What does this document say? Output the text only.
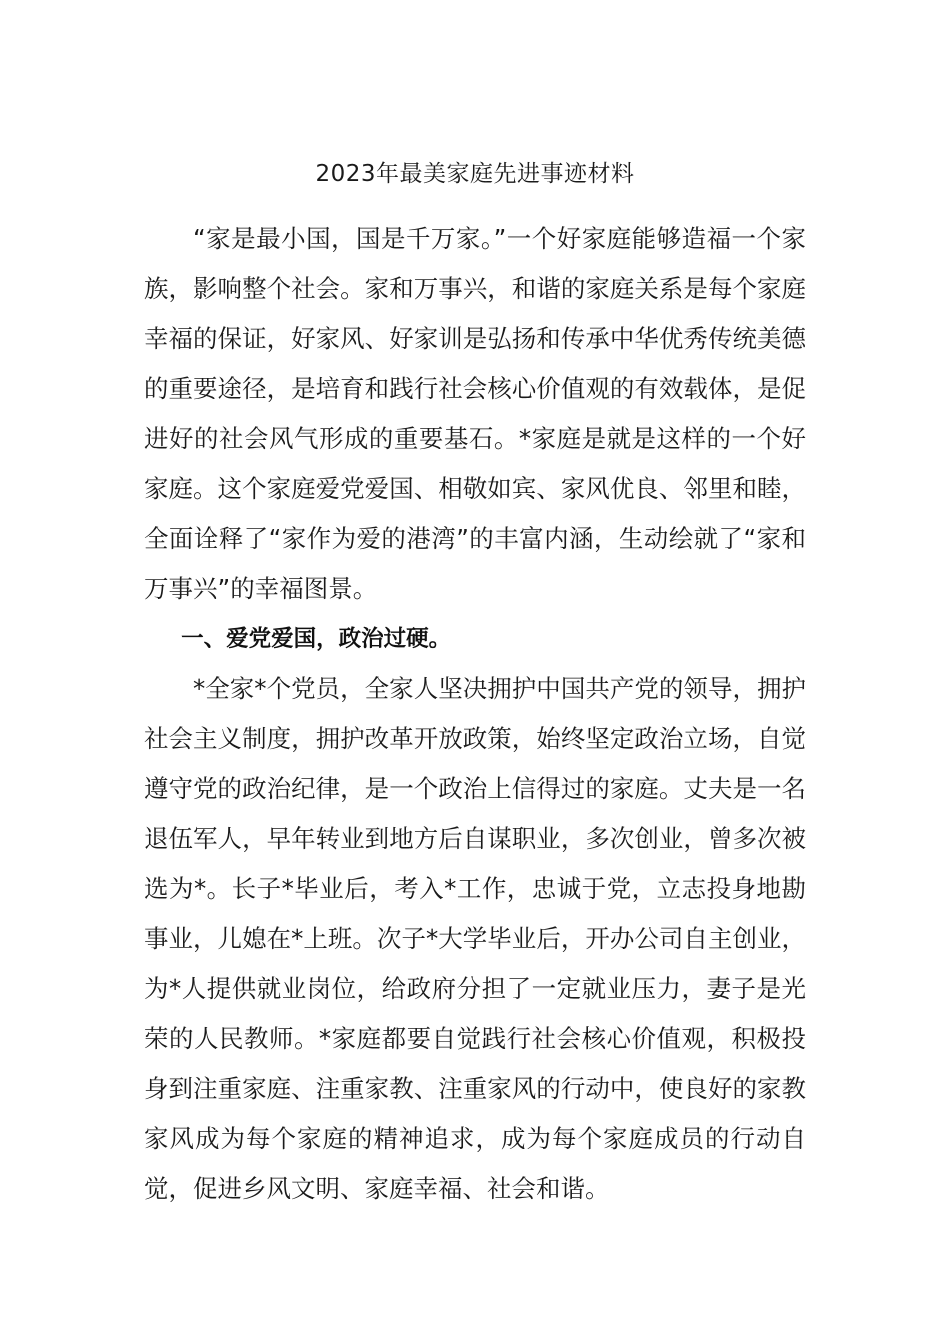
2023年最美家庭先进事迹材料

“家是最小国，国是千万家。”一个好家庭能够造福一个家族，影响整个社会。家和万事兴，和谐的家庭关系是每个家庭幸福的保证，好家风、好家训是弘扬和传承中华优秀传统美德的重要途径，是培育和践行社会核心价值观的有效载体，是促进好的社会风气形成的重要基石。*家庭是就是这样的一个好家庭。这个家庭爱党爱国、相敬如宾、家风优良、邻里和睦，全面诠释了“家作为爱的港湾”的丰富内涵，生动绘就了“家和万事兴”的幸福图景。

一、爱党爱国，政治过硬。

*全家*个党员，全家人坚决拥护中国共产党的领导，拥护社会主义制度，拥护改革开放政策，始终坚定政治立场，自觉遵守党的政治纪律，是一个政治上信得过的家庭。丈夫是一名退伍军人，早年转业到地方后自谋职业，多次创业，曾多次被选为*。长子*毕业后，考入*工作，忠诚于党，立志投身地勘事业，儿媳在*上班。次子*大学毕业后，开办公司自主创业，为*人提供就业岗位，给政府分担了一定就业压力，妻子是光荣的人民教师。*家庭都要自觉践行社会核心价值观，积极投身到注重家庭、注重家教、注重家风的行动中，使良好的家教家风成为每个家庭的精神追求，成为每个家庭成员的行动自觉，促进乡风文明、家庭幸福、社会和谐。
